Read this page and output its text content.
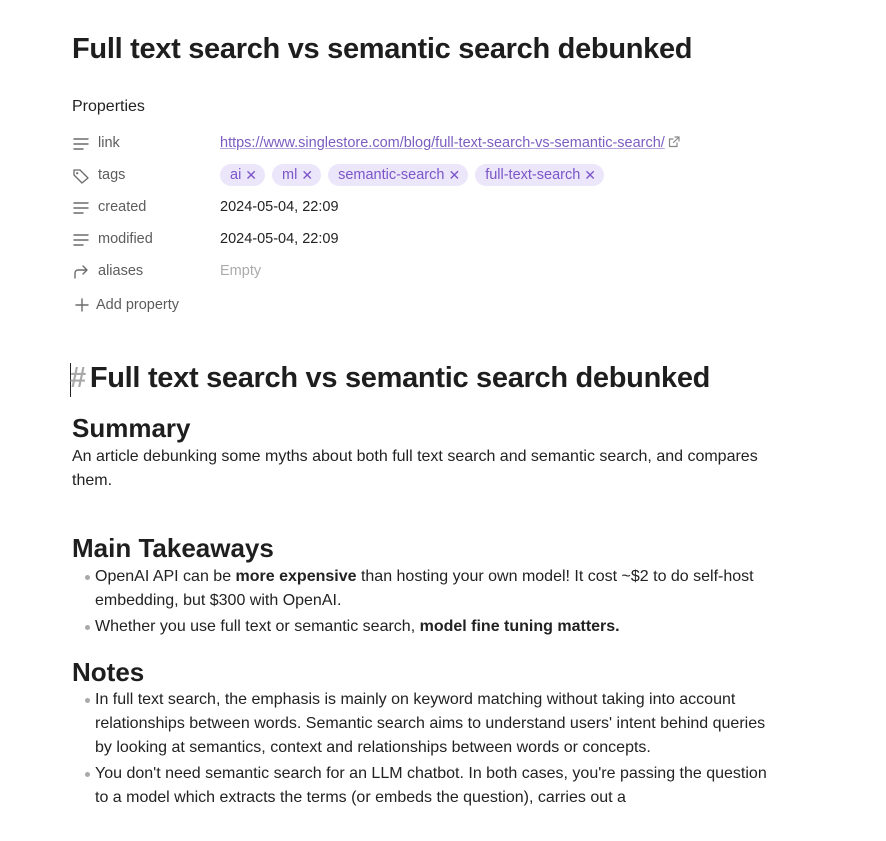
Full text search vs semantic search debunked
Properties
link	https://www.singlestore.com/blog/full-text-search-vs-semantic-search/
tags	ai ✕ ml ✕ semantic-search ✕ full-text-search ✕
created	2024-05-04, 22:09
modified	2024-05-04, 22:09
aliases	Empty
Add property
# Full text search vs semantic search debunked
Summary
An article debunking some myths about both full text search and semantic search, and compares them.
Main Takeaways
OpenAI API can be more expensive than hosting your own model! It cost ~$2 to do self-host embedding, but $300 with OpenAI.
Whether you use full text or semantic search, model fine tuning matters.
Notes
In full text search, the emphasis is mainly on keyword matching without taking into account relationships between words. Semantic search aims to understand users' intent behind queries by looking at semantics, context and relationships between words or concepts.
You don't need semantic search for an LLM chatbot. In both cases, you're passing the question to a model which extracts the terms (or embeds the question), carries out a
